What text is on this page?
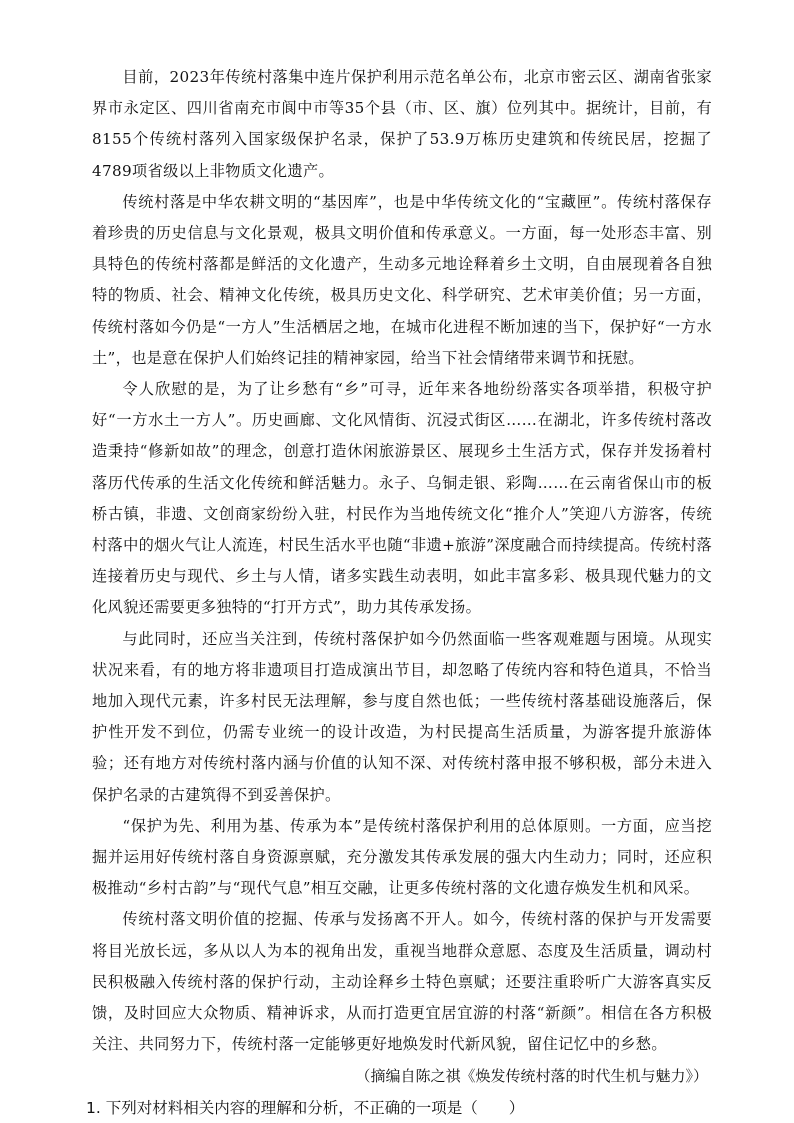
目前，2023年传统村落集中连片保护利用示范名单公布，北京市密云区、湖南省张家界市永定区、四川省南充市阆中市等35个县（市、区、旗）位列其中。据统计，目前，有8155个传统村落列入国家级保护名录，保护了53.9万栋历史建筑和传统民居，挖掘了4789项省级以上非物质文化遗产。

传统村落是中华农耕文明的“基因库”，也是中华传统文化的“宝藏匣”。传统村落保存着珍贵的历史信息与文化景观，极具文明价值和传承意义。一方面，每一处形态丰富、别具特色的传统村落都是鲜活的文化遗产，生动多元地诠释着乡土文明，自由展现着各自独特的物质、社会、精神文化传统，极具历史文化、科学研究、艺术审美价值；另一方面，传统村落如今仍是“一方人”生活栖居之地，在城市化进程不断加速的当下，保护好“一方水土”，也是意在保护人们始终记挂的精神家园，给当下社会情绪带来调节和抚慰。

令人欣慰的是，为了让乡愁有“乡”可寻，近年来各地纷纷落实各项举措，积极守护好“一方水土一方人”。历史画廊、文化风情街、沉浸式街区……在湖北，许多传统村落改造秉持“修新如故”的理念，创意打造休闲旅游景区、展现乡土生活方式，保存并发扬着村落历代传承的生活文化传统和鲜活魅力。永子、乌铜走银、彩陶……在云南省保山市的板桥古镇，非遗、文创商家纷纷入驻，村民作为当地传统文化“推介人”笑迎八方游客，传统村落中的烟火气让人流连，村民生活水平也随“非遗+旅游”深度融合而持续提高。传统村落连接着历史与现代、乡土与人情，诸多实践生动表明，如此丰富多彩、极具现代魅力的文化风貌还需要更多独特的“打开方式”，助力其传承发扬。

与此同时，还应当关注到，传统村落保护如今仍然面临一些客观难题与困境。从现实状况来看，有的地方将非遗项目打造成演出节目，却忽略了传统内容和特色道具，不恰当地加入现代元素，许多村民无法理解，参与度自然也低；一些传统村落基础设施落后，保护性开发不到位，仍需专业统一的设计改造，为村民提高生活质量，为游客提升旅游体验；还有地方对传统村落内涵与价值的认知不深、对传统村落申报不够积极，部分未进入保护名录的古建筑得不到妥善保护。

“保护为先、利用为基、传承为本”是传统村落保护利用的总体原则。一方面，应当挖掘并运用好传统村落自身资源禀赋，充分激发其传承发展的强大内生动力；同时，还应积极推动“乡村古韵”与“现代气息”相互交融，让更多传统村落的文化遗存焕发生机和风采。

传统村落文明价值的挖掘、传承与发扬离不开人。如今，传统村落的保护与开发需要将目光放长远，多从以人为本的视角出发，重视当地群众意愿、态度及生活质量，调动村民积极融入传统村落的保护行动，主动诠释乡土特色禀赋；还要注重聆听广大游客真实反馈，及时回应大众物质、精神诉求，从而打造更宜居宜游的村落“新颜”。相信在各方积极关注、共同努力下，传统村落一定能够更好地焕发时代新风貌，留住记忆中的乡愁。

（摘编自陈之祺《焕发传统村落的时代生机与魅力》）

1. 下列对材料相关内容的理解和分析，不正确的一项是（　　）
